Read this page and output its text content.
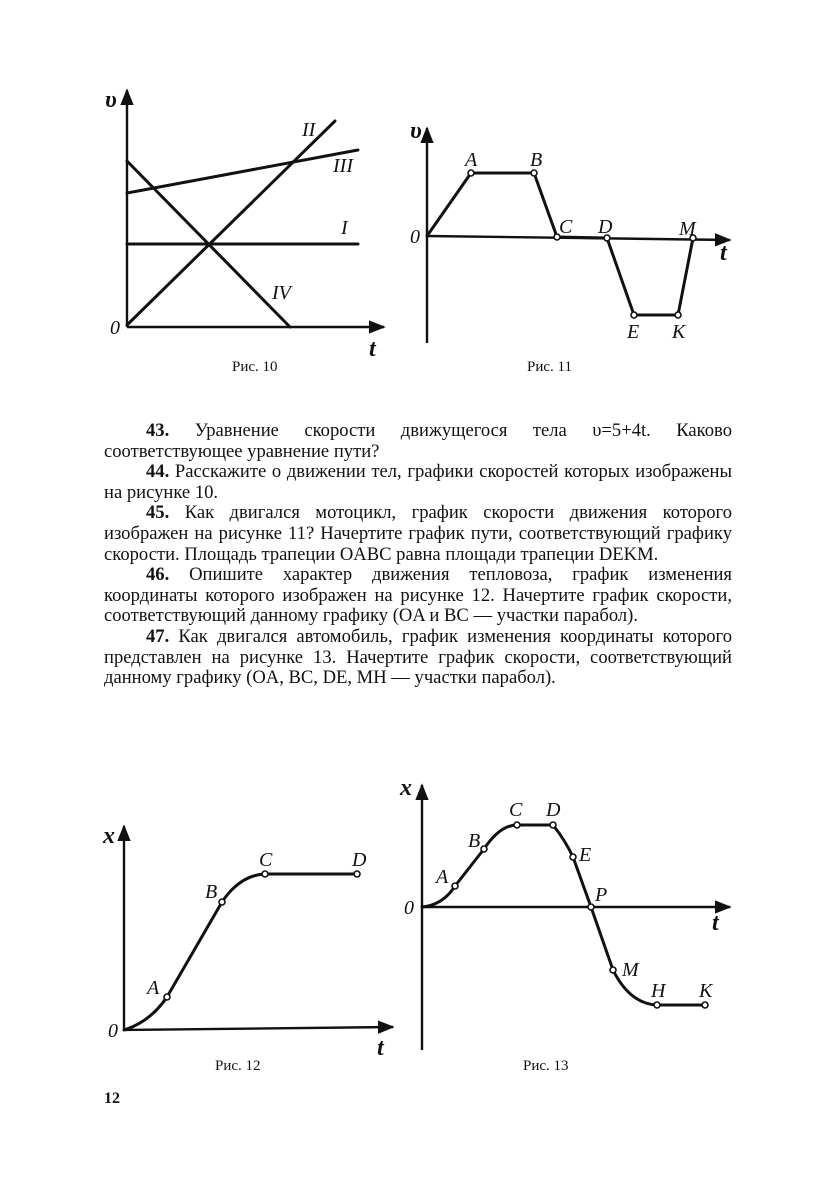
υ
t
0
II
III
I
IV
Рис. 10
υ
t
0
A	B
C D	M
E K
Рис. 11
x
t
0
A
B
C	D
Рис. 12
x
t
0
A
B
C D
E
P
M
H K
Рис. 13

43. Уравнение скорости движущегося тела υ=5+4t. Каково соответствующее уравнение пути?

44. Расскажите о движении тел, графики скоростей которых изображены на рисунке 10.

45. Как двигался мотоцикл, график скорости движения которого изображен на рисунке 11? Начертите график пути, соответствующий графику скорости. Площадь трапеции OABC равна площади трапеции DEKM.

46. Опишите характер движения тепловоза, график изменения координаты которого изображен на рисунке 12. Начертите график скорости, соответствующий данному графику (OA и BC — участки парабол).

47. Как двигался автомобиль, график изменения координаты которого представлен на рисунке 13. Начертите график скорости, соответствующий данному графику (OA, BC, DE, MH — участки парабол).

12
